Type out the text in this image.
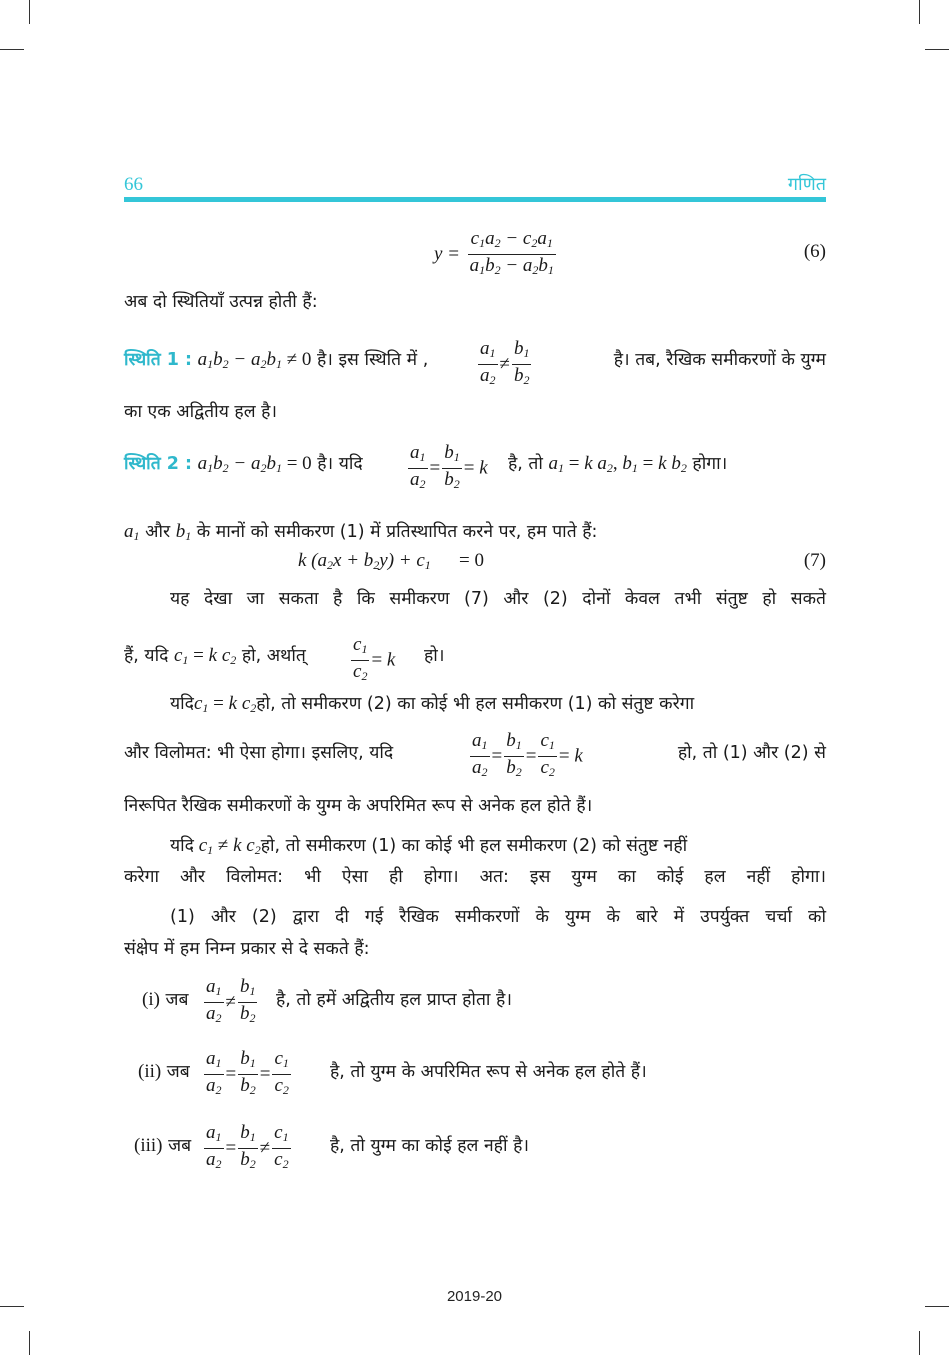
66	गणित
$y = \frac{c_1a_2 - c_2a_1}{a_1b_2 - a_2b_1}$	(6)
अब दो स्थितियाँ उत्पन्न होती हैं:
स्थिति 1 : $a_1b_2 - a_2b_1 \ne 0$ है। इस स्थिति में ,	$\frac{a_1}{a_2} \ne \frac{b_1}{b_2}$	है। तब, रैखिक समीकरणों के युग्म
का एक अद्वितीय हल है।
स्थिति 2 : $a_1b_2 - a_2b_1 = 0$ है। यदि $\frac{a_1}{a_2} = \frac{b_1}{b_2} = k$ है, तो $a_1 = k$ $a_2$, $b_1 = k$ $b_2$ होगा।
$a_1$ और $b_1$ के मानों को समीकरण (1) में प्रतिस्थापित करने पर, हम पाते हैं:
k $(a_2x + b_2y) + c_1 = 0$	(7)
यह देखा जा सकता है कि समीकरण (7) और (2) दोनों केवल तभी संतुष्ट हो सकते
हैं, यदि $c_1 = k$ $c_2$ हो, अर्थात् $\frac{c_1}{c_2} = k$ हो।
$यदिc_1 = k$ $c_2हो$, तो समीकरण (2) का कोई भी हल समीकरण (1) को संतुष्ट करेगा
और विलोमत: भी ऐसा होगा। इसलिए, यदि	$\frac{a_1}{a_2} = \frac{b_1}{b_2} = \frac{c_1}{c_2} = k$	हो, तो (1) और (2) से
निरूपित रैखिक समीकरणों के युग्म के अपरिमित रूप से अनेक हल होते हैं।
यदि $c_1 \ne k$ $c_2हो$, तो समीकरण (1) का कोई भी हल समीकरण (2) को संतुष्ट नहीं
करेगा और विलोमत: भी ऐसा ही होगा। अत: इस युग्म का कोई हल नहीं होगा।
(1) और (2) द्वारा दी गई रैखिक समीकरणों के युग्म के बारे में उपर्युक्त चर्चा को
संक्षेप में हम निम्न प्रकार से दे सकते हैं:
(i) जब $\frac{a_1}{a_2} \ne \frac{b_1}{b_2}$ है, तो हमें अद्वितीय हल प्राप्त होता है।
(ii) जब $\frac{a_1}{a_2} = \frac{b_1}{b_2} = \frac{c_1}{c_2}$ है, तो युग्म के अपरिमित रूप से अनेक हल होते हैं।
(iii) जब $\frac{a_1}{a_2} = \frac{b_1}{b_2} \ne \frac{c_1}{c_2}$ है, तो युग्म का कोई हल नहीं है।
2019-20
